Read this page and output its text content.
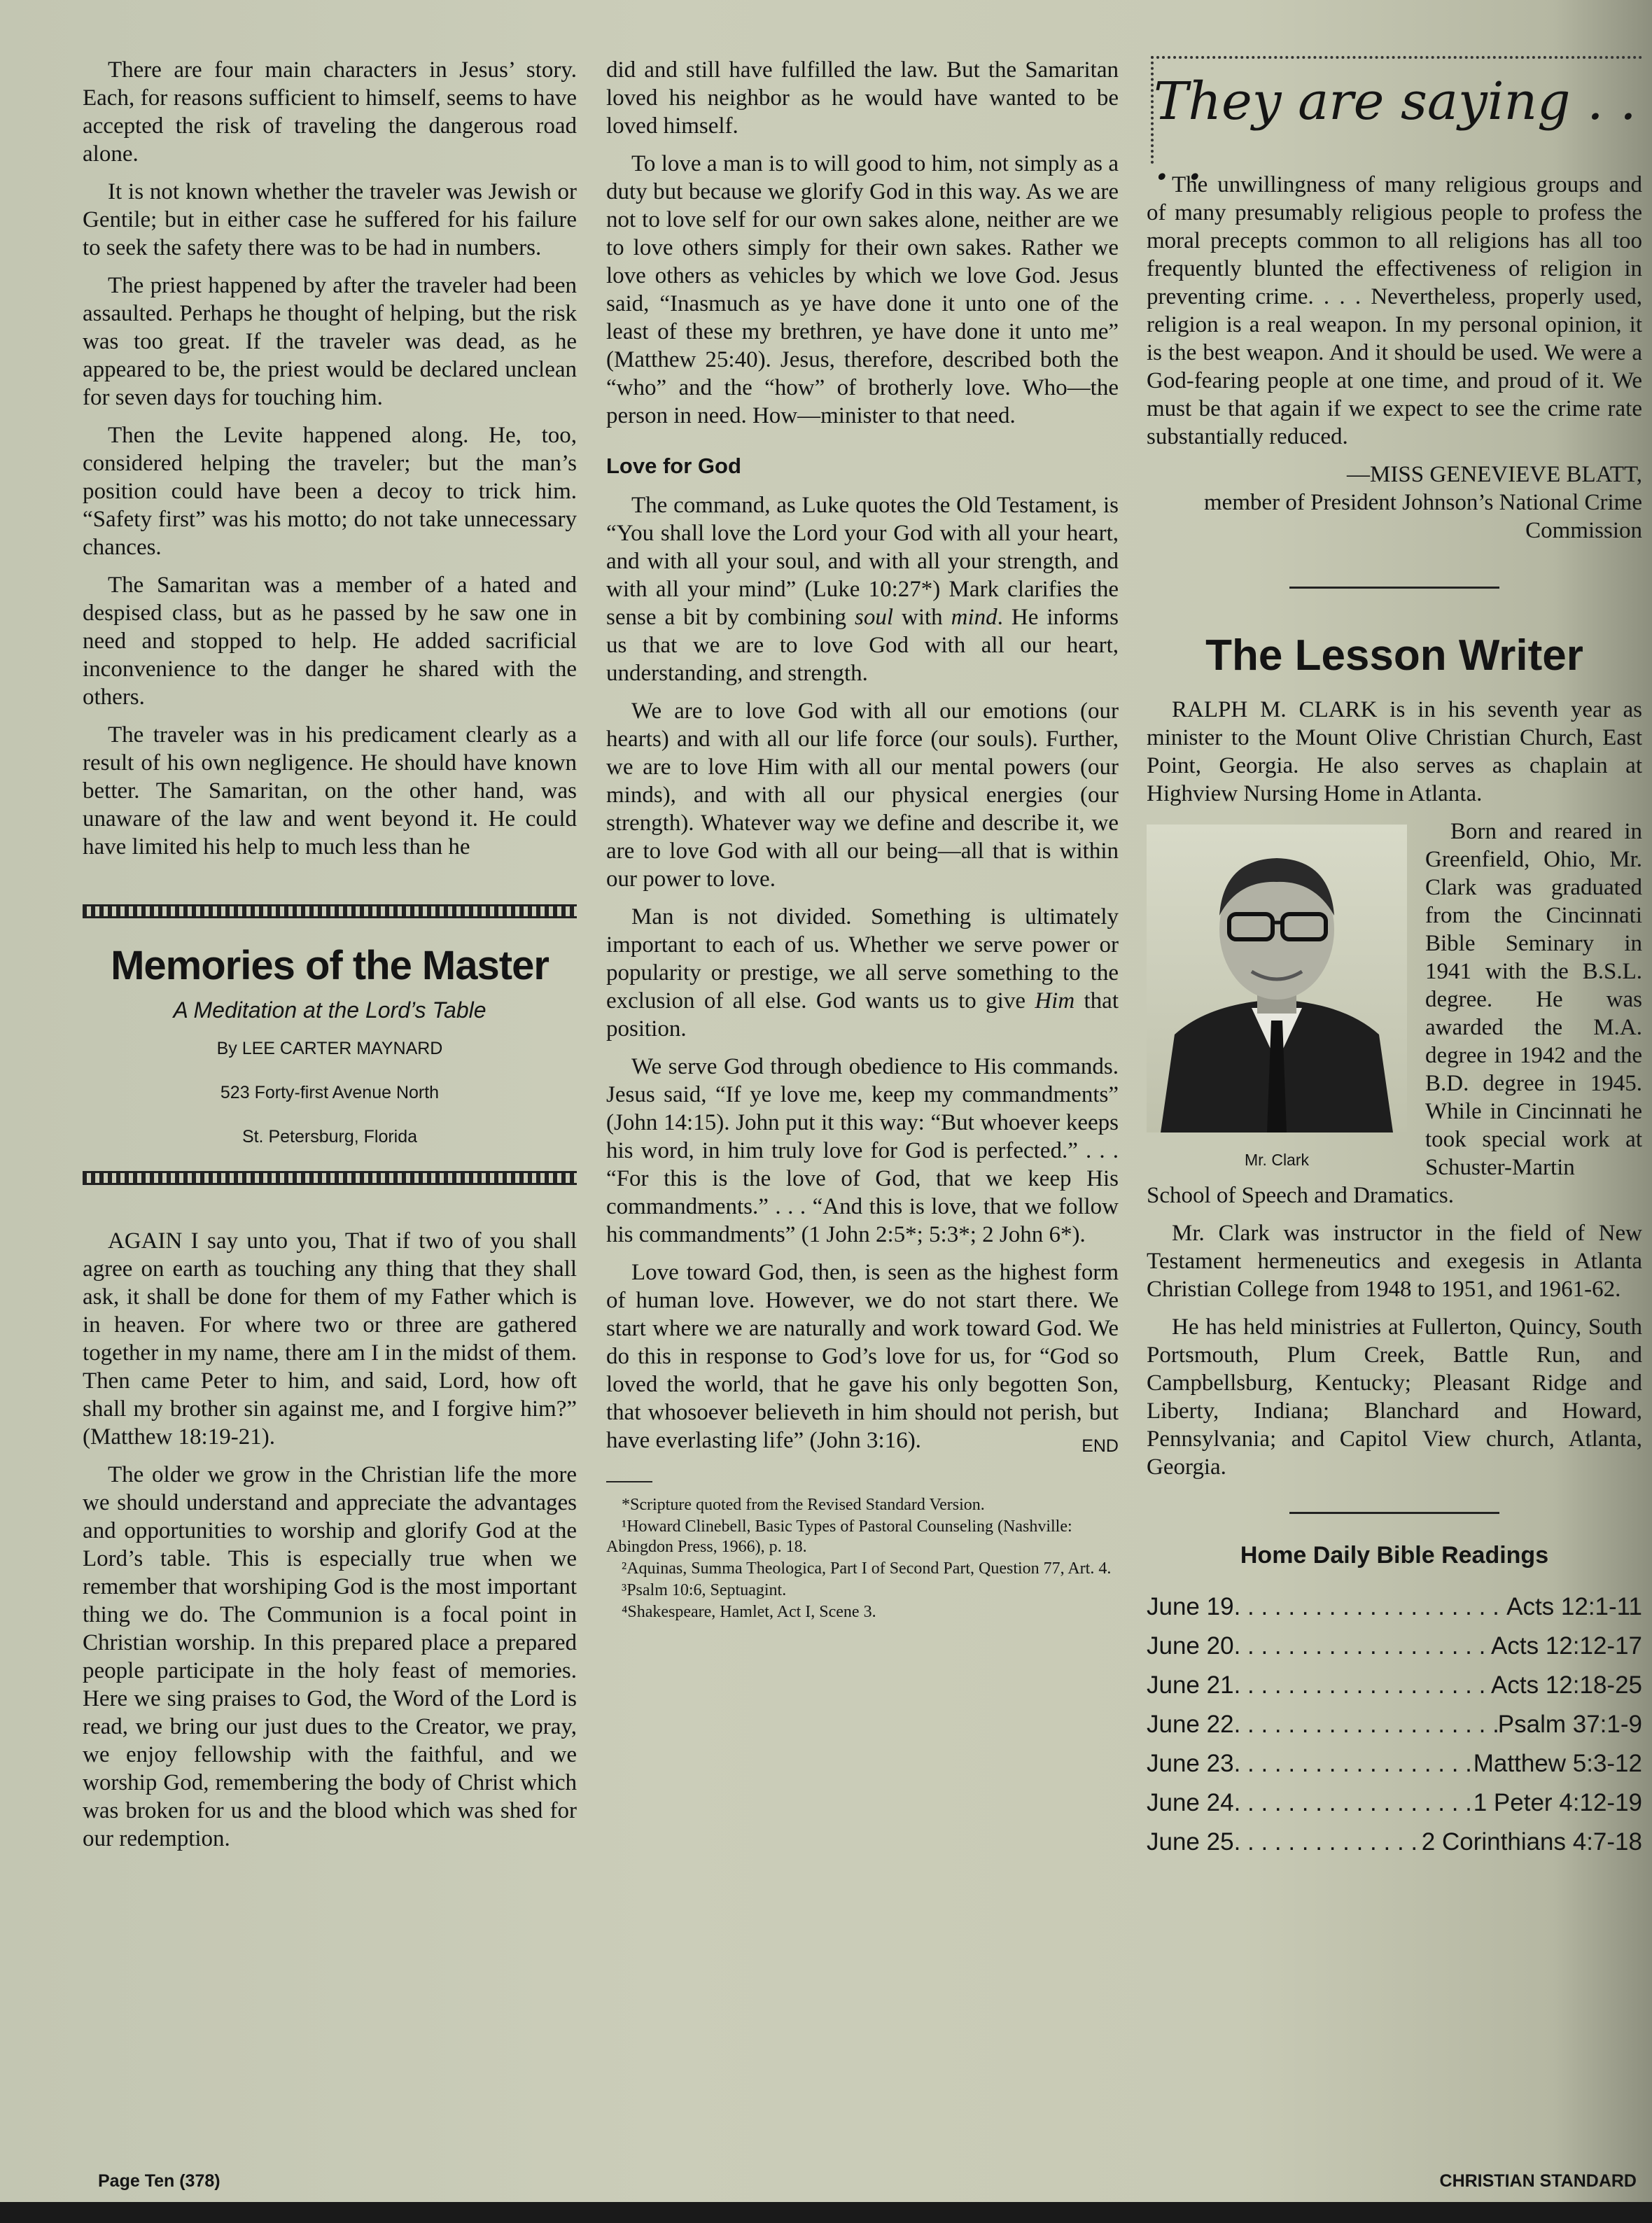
There are four main characters in Jesus’ story. Each, for reasons sufficient to himself, seems to have accepted the risk of traveling the dangerous road alone.

It is not known whether the traveler was Jewish or Gentile; but in either case he suffered for his failure to seek the safety there was to be had in numbers.

The priest happened by after the traveler had been assaulted. Perhaps he thought of helping, but the risk was too great. If the traveler was dead, as he appeared to be, the priest would be declared unclean for seven days for touching him.

Then the Levite happened along. He, too, considered helping the traveler; but the man’s position could have been a decoy to trick him. “Safety first” was his motto; do not take unnecessary chances.

The Samaritan was a member of a hated and despised class, but as he passed by he saw one in need and stopped to help. He added sacrificial inconvenience to the danger he shared with the others.

The traveler was in his predicament clearly as a result of his own negligence. He should have known better. The Samaritan, on the other hand, was unaware of the law and went beyond it. He could have limited his help to much less than he

Memories of the Master
A Meditation at the Lord’s Table
By LEE CARTER MAYNARD
523 Forty-first Avenue North
St. Petersburg, Florida

AGAIN I say unto you, That if two of you shall agree on earth as touching any thing that they shall ask, it shall be done for them of my Father which is in heaven. For where two or three are gathered together in my name, there am I in the midst of them. Then came Peter to him, and said, Lord, how oft shall my brother sin against me, and I forgive him?” (Matthew 18:19-21).

The older we grow in the Christian life the more we should understand and appreciate the advantages and opportunities to worship and glorify God at the Lord’s table. This is especially true when we remember that worshiping God is the most important thing we do. The Communion is a focal point in Christian worship. In this prepared place a prepared people participate in the holy feast of memories. Here we sing praises to God, the Word of the Lord is read, we bring our just dues to the Creator, we pray, we enjoy fellowship with the faithful, and we worship God, remembering the body of Christ which was broken for us and the blood which was shed for our redemption.

did and still have fulfilled the law. But the Samaritan loved his neighbor as he would have wanted to be loved himself.

To love a man is to will good to him, not simply as a duty but because we glorify God in this way. As we are not to love self for our own sakes alone, neither are we to love others simply for their own sakes. Rather we love others as vehicles by which we love God. Jesus said, “Inasmuch as ye have done it unto one of the least of these my brethren, ye have done it unto me” (Matthew 25:40). Jesus, therefore, described both the “who” and the “how” of brotherly love. Who—the person in need. How—minister to that need.

Love for God

The command, as Luke quotes the Old Testament, is “You shall love the Lord your God with all your heart, and with all your soul, and with all your strength, and with all your mind” (Luke 10:27*) Mark clarifies the sense a bit by combining soul with mind. He informs us that we are to love God with all our heart, understanding, and strength.

We are to love God with all our emotions (our hearts) and with all our life force (our souls). Further, we are to love Him with all our mental powers (our minds), and with all our physical energies (our strength). Whatever way we define and describe it, we are to love God with all our being—all that is within our power to love.

Man is not divided. Something is ultimately important to each of us. Whether we serve power or popularity or prestige, we all serve something to the exclusion of all else. God wants us to give Him that position.

We serve God through obedience to His commands. Jesus said, “If ye love me, keep my commandments” (John 14:15). John put it this way: “But whoever keeps his word, in him truly love for God is perfected.” . . . “For this is the love of God, that we keep His commandments.” . . . “And this is love, that we follow his commandments” (1 John 2:5*; 5:3*; 2 John 6*).

Love toward God, then, is seen as the highest form of human love. However, we do not start there. We start where we are naturally and work toward God. We do this in response to God’s love for us, for “God so loved the world, that he gave his only begotten Son, that whosoever believeth in him should not perish, but have everlasting life” (John 3:16).	END

*Scripture quoted from the Revised Standard Version.

¹Howard Clinebell, Basic Types of Pastoral Counseling (Nashville: Abingdon Press, 1966), p. 18.

²Aquinas, Summa Theologica, Part I of Second Part, Question 77, Art. 4.

³Psalm 10:6, Septuagint.

⁴Shakespeare, Hamlet, Act I, Scene 3.

They are saying . . . .

The unwillingness of many religious groups and of many presumably religious people to profess the moral precepts common to all religions has all too frequently blunted the effectiveness of religion in preventing crime. . . . Nevertheless, properly used, religion is a real weapon. In my personal opinion, it is the best weapon. And it should be used. We were a God-fearing people at one time, and proud of it. We must be that again if we expect to see the crime rate substantially reduced.

—MISS GENEVIEVE BLATT,

member of President Johnson’s National Crime Commission

The Lesson Writer

RALPH M. CLARK is in his seventh year as minister to the Mount Olive Christian Church, East Point, Georgia. He also serves as chaplain at Highview Nursing Home in Atlanta.

Mr. Clark

Born and reared in Greenfield, Ohio, Mr. Clark was graduated from the Cincinnati Bible Seminary in 1941 with the B.S.L. degree. He was awarded the M.A. degree in 1942 and the B.D. degree in 1945. While in Cincinnati he took special work at Schuster-Martin School of Speech and Dramatics.

Mr. Clark was instructor in the field of New Testament hermeneutics and exegesis in Atlanta Christian College from 1948 to 1951, and 1961-62.

He has held ministries at Fullerton, Quincy, South Portsmouth, Plum Creek, Battle Run, and Campbellsburg, Kentucky; Pleasant Ridge and Liberty, Indiana; Blanchard and Howard, Pennsylvania; and Capitol View church, Atlanta, Georgia.

Home Daily Bible Readings
June 19 . . .	Acts 12:1-11
June 20 . . .	Acts 12:12-17
June 21 . . .	Acts 12:18-25
June 22 . . .	Psalm 37:1-9
June 23 . . .	Matthew 5:3-12
June 24 . . .	1 Peter 4:12-19
June 25 . . .	2 Corinthians 4:7-18
Page Ten (378)	CHRISTIAN STANDARD
